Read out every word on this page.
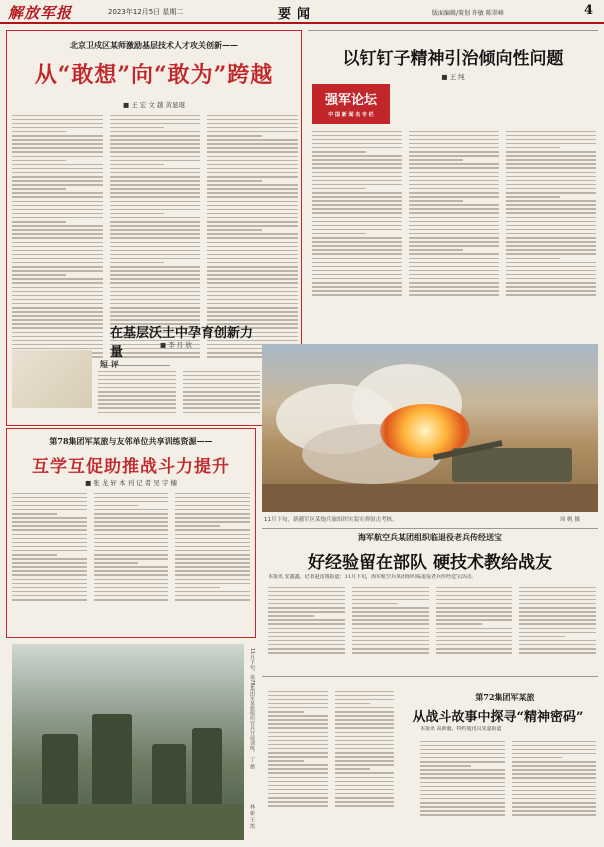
解放军报	2023年12月5日 星期二	要闻	版面编辑/策划 许敏 陈翠峰	4
北京卫戍区某师激励基层技术人才攻关创新——
从“敢想”向“敢为”跨越
■ 王 宏 文 越 黄显琨
以钉钉子精神引治倾向性问题
■ 王 纯
强军论坛
中 国 新 闻 名 专 栏
11月下旬，新疆军区某炮兵旅组织实装实弹射击考核。	周 帆 摄
在基层沃土中孕育创新力量	■ 李 月 欣
短 评
第78集团军某旅与友邻单位共享训练资源——
互学互促助推战斗力提升
■ 张 龙 轩 本 刊 记 者 吴 宇 楠
11月下旬，第78集团军某旅组织官兵开展训练。 丁 摄
林 新 王 凯
海军航空兵某团组织临退役老兵传经送宝
好经验留在部队 硬技术教给战友
本报讯 安鑫鑫、记者赵雷雨报道：11月下旬，海军航空兵某团组织临退役老兵传经送宝活动。
第72集团军某旅
从战斗故事中探寻“精神密码”
本报讯 高新毅、特约通讯员朱嘉报道
